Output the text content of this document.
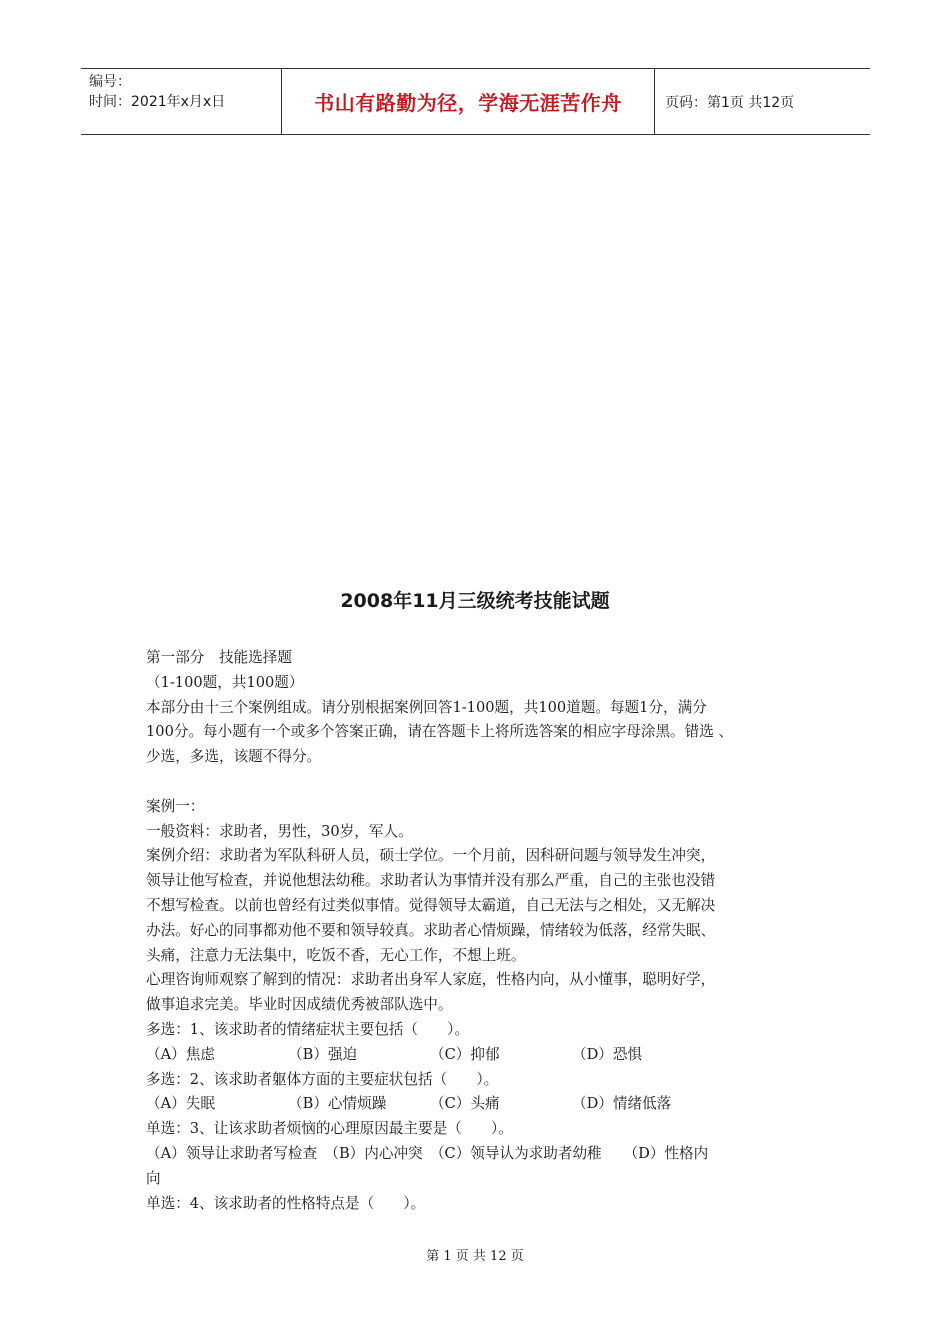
编号：
时间：2021年x月x日	书山有路勤为径，学海无涯苦作舟	页码：第1页 共12页
2008年11月三级统考技能试题

第一部分　技能选择题

（1-100题，共100题）

本部分由十三个案例组成。请分别根据案例回答1-100题，共100道题。每题1分，满分

100分。每小题有一个或多个答案正确，请在答题卡上将所选答案的相应字母涂黑。错选 、

少选，多选，该题不得分。

案例一：

一般资料：求助者，男性，30岁，军人。

案例介绍：求助者为军队科研人员，硕士学位。一个月前，因科研问题与领导发生冲突，

领导让他写检查，并说他想法幼稚。求助者认为事情并没有那么严重，自己的主张也没错

不想写检查。以前也曾经有过类似事情。觉得领导太霸道，自己无法与之相处，又无解决

办法。好心的同事都劝他不要和领导较真。求助者心情烦躁，情绪较为低落，经常失眠、

头痛，注意力无法集中，吃饭不香，无心工作，不想上班。

心理咨询师观察了解到的情况：求助者出身军人家庭，性格内向，从小懂事，聪明好学，

做事追求完美。毕业时因成绩优秀被部队选中。

多选：1、该求助者的情绪症状主要包括（　　）。

（A）焦虑	（B）强迫	（C）抑郁	（D）恐惧

多选：2、该求助者躯体方面的主要症状包括（　　）。

（A）失眠	（B）心情烦躁	（C）头痛	（D）情绪低落

单选：3、让该求助者烦恼的心理原因最主要是（　　）。

（A）领导让求助者写检查　（B）内心冲突　（C）领导认为求助者幼稚　　（D）性格内

向

单选：4、该求助者的性格特点是（　　）。

第 1 页 共 12 页
